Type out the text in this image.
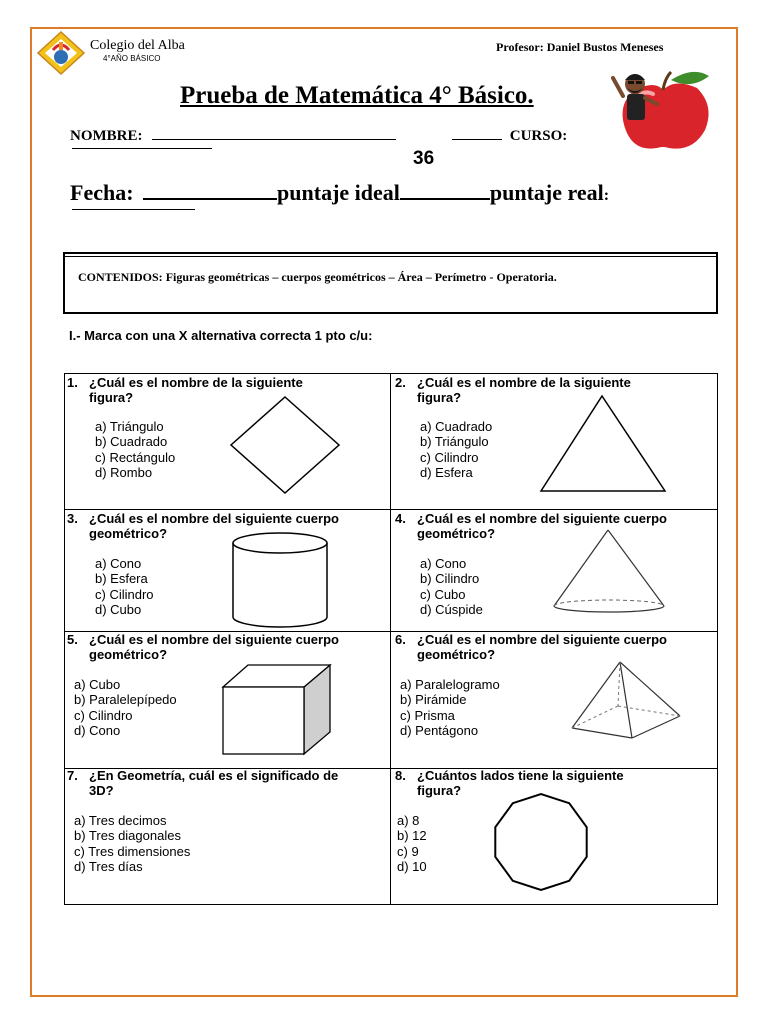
Colegio del Alba
4°AÑO BÁSICO
Profesor: Daniel Bustos Meneses
Prueba de Matemática 4° Básico.
NOMBRE:	CURSO:
36
Fecha:	puntaje ideal	puntaje real:
CONTENIDOS: Figuras geométricas – cuerpos geométricos – Área – Perímetro - Operatoria.
I.- Marca con una X alternativa correcta 1 pto c/u:
1. ¿Cuál es el nombre de la siguiente
figura?
a) Triángulo
b) Cuadrado
c) Rectángulo
d) Rombo
2. ¿Cuál es el nombre de la siguiente
figura?
a) Cuadrado
b) Triángulo
c) Cilindro
d) Esfera
3. ¿Cuál es el nombre del siguiente cuerpo
geométrico?
a) Cono
b) Esfera
c) Cilindro
d) Cubo
4. ¿Cuál es el nombre del siguiente cuerpo
geométrico?
a) Cono
b) Cilindro
c) Cubo
d) Cúspide
5. ¿Cuál es el nombre del siguiente cuerpo
geométrico?
a) Cubo
b) Paralelepípedo
c) Cilindro
d) Cono
6. ¿Cuál es el nombre del siguiente cuerpo
geométrico?
a) Paralelogramo
b) Pirámide
c) Prisma
d) Pentágono
7. ¿En Geometría, cuál es el significado de
3D?
a) Tres decimos
b) Tres diagonales
c) Tres dimensiones
d) Tres días
8. ¿Cuántos lados tiene la siguiente
figura?
a) 8
b) 12
c) 9
d) 10
